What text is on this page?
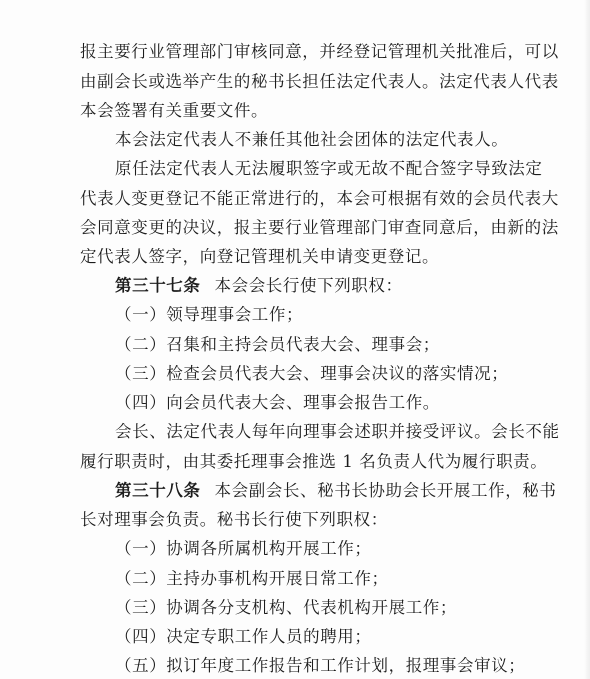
报主要行业管理部门审核同意，并经登记管理机关批准后，可以
由副会长或选举产生的秘书长担任法定代表人。法定代表人代表
本会签署有关重要文件。
本会法定代表人不兼任其他社会团体的法定代表人。
原任法定代表人无法履职签字或无故不配合签字导致法定
代表人变更登记不能正常进行的，本会可根据有效的会员代表大
会同意变更的决议，报主要行业管理部门审查同意后，由新的法
定代表人签字，向登记管理机关申请变更登记。
第三十七条 本会会长行使下列职权：
（一）领导理事会工作；
（二）召集和主持会员代表大会、理事会；
（三）检查会员代表大会、理事会决议的落实情况；
（四）向会员代表大会、理事会报告工作。
会长、法定代表人每年向理事会述职并接受评议。会长不能
履行职责时，由其委托理事会推选 1 名负责人代为履行职责。
第三十八条 本会副会长、秘书长协助会长开展工作，秘书
长对理事会负责。秘书长行使下列职权：
（一）协调各所属机构开展工作；
（二）主持办事机构开展日常工作；
（三）协调各分支机构、代表机构开展工作；
（四）决定专职工作人员的聘用；
（五）拟订年度工作报告和工作计划，报理事会审议；
